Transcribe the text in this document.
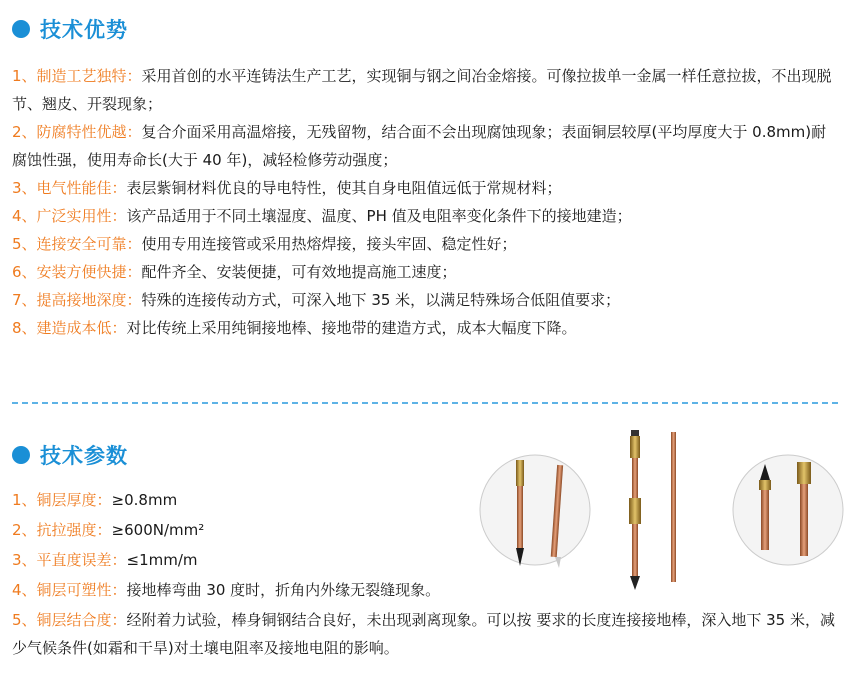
技术优势
1、制造工艺独特：采用首创的水平连铸法生产工艺，实现铜与钢之间冶金熔接。可像拉拔单一金属一样任意拉拔，不出现脱节、翘皮、开裂现象；
2、防腐特性优越：复合介面采用高温熔接，无残留物，结合面不会出现腐蚀现象；表面铜层较厚(平均厚度大于 0.8mm)耐腐蚀性强，使用寿命长(大于 40 年)，减轻检修劳动强度；
3、电气性能佳：表层紫铜材料优良的导电特性，使其自身电阻值远低于常规材料；
4、广泛实用性：该产品适用于不同土壤湿度、温度、PH 值及电阻率变化条件下的接地建造；
5、连接安全可靠：使用专用连接管或采用热熔焊接，接头牢固、稳定性好；
6、安装方便快捷：配件齐全、安装便捷，可有效地提高施工速度；
7、提高接地深度：特殊的连接传动方式，可深入地下 35 米，以满足特殊场合低阻值要求；
8、建造成本低：对比传统上采用纯铜接地棒、接地带的建造方式，成本大幅度下降。
技术参数
1、铜层厚度：≥0.8mm
2、抗拉强度：≥600N/mm²
3、平直度误差：≤1mm/m
4、铜层可塑性：接地棒弯曲 30 度时，折角内外缘无裂缝现象。
5、铜层结合度：经附着力试验，棒身铜钢结合良好，未出现剥离现象。可以按 要求的长度连接接地棒，深入地下 35 米，减少气候条件(如霜和干旱)对土壤电阻率及接地电阻的影响。
